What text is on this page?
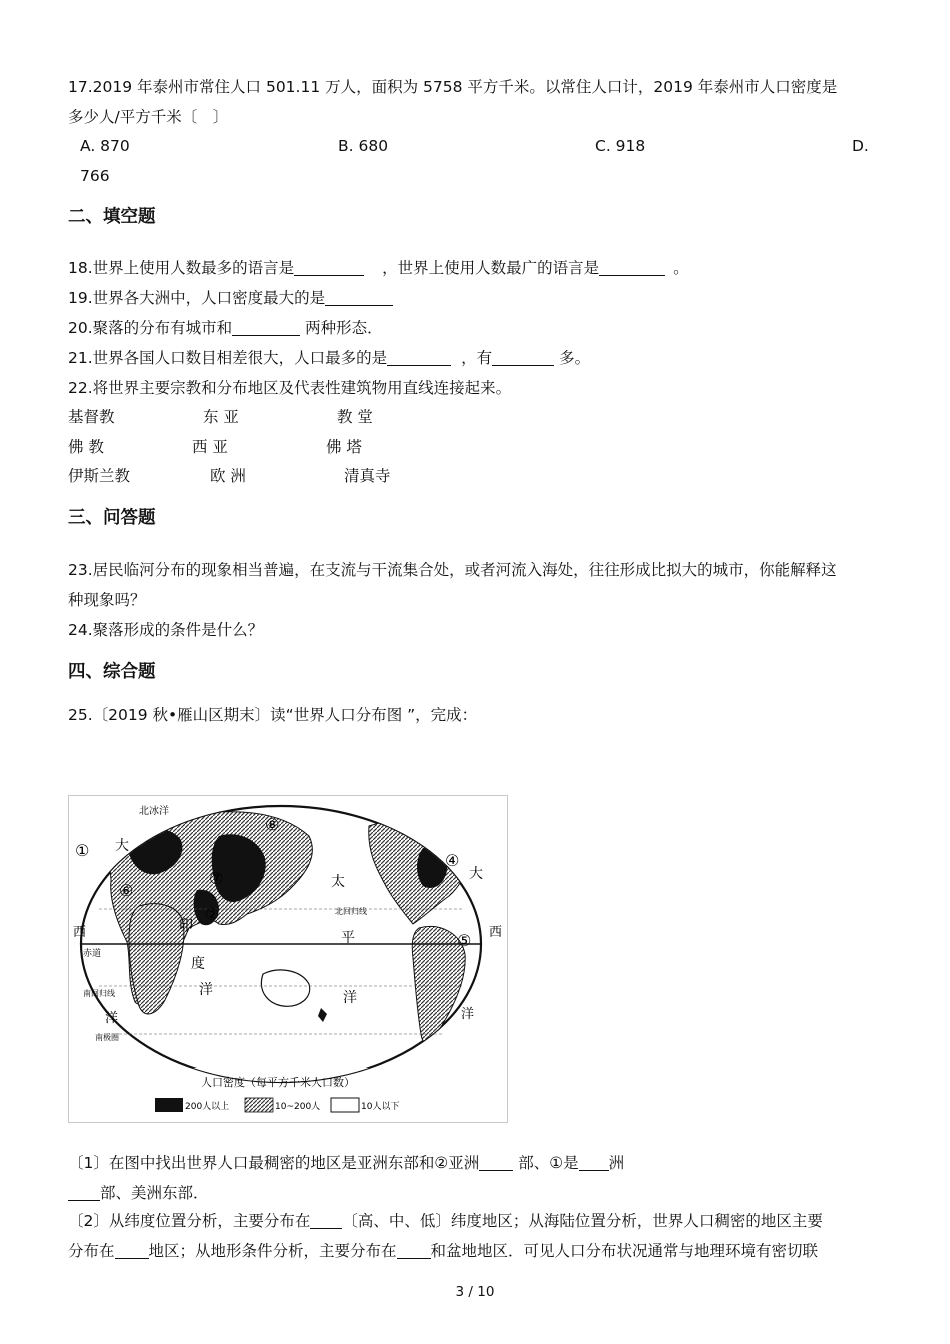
17.2019 年泰州市常住人口 501.11 万人，面积为 5758 平方千米。以常住人口计，2019 年泰州市人口密度是
多少人/平方千米〔　〕
A. 870	B. 680	C. 918	D.
766
二、填空题
18.世界上使用人数最多的语言是	，世界上使用人数最广的语言是	。
19.世界各大洲中，人口密度最大的是
20.聚落的分布有城市和	两种形态．
21.世界各国人口数目相差很大，人口最多的是	，有	多。
22.将世界主要宗教和分布地区及代表性建筑物用直线连接起来。
基督教	东 亚	教 堂
佛 教	西 亚	佛 塔
伊斯兰教	欧 洲	清真寺
三、问答题
23.居民临河分布的现象相当普遍，在支流与干流集合处，或者河流入海处，往往形成比拟大的城市，你能解释这
种现象吗？
24.聚落形成的条件是什么？
四、综合题
25.〔2019 秋•雁山区期末〕读“世界人口分布图 ”，完成：
北冰洋
大
太
平
洋
印
度
洋
西	西
洋	洋
赤道
北回归线
南回归线
南极圈
大
①
②
④
⑤
⑥
⑦
⑧
人口密度（每平方千米人口数）
200人以上	10~200人	10人以下
〔1〕在图中找出世界人口最稠密的地区是亚洲东部和②亚洲 部、①是 洲
部、美洲东部．
〔2〕从纬度位置分析，主要分布在 〔高、中、低〕纬度地区；从海陆位置分析，世界人口稠密的地区主要
分布在 地区；从地形条件分析，主要分布在 和盆地地区．可见人口分布状况通常与地理环境有密切联
3 / 10
